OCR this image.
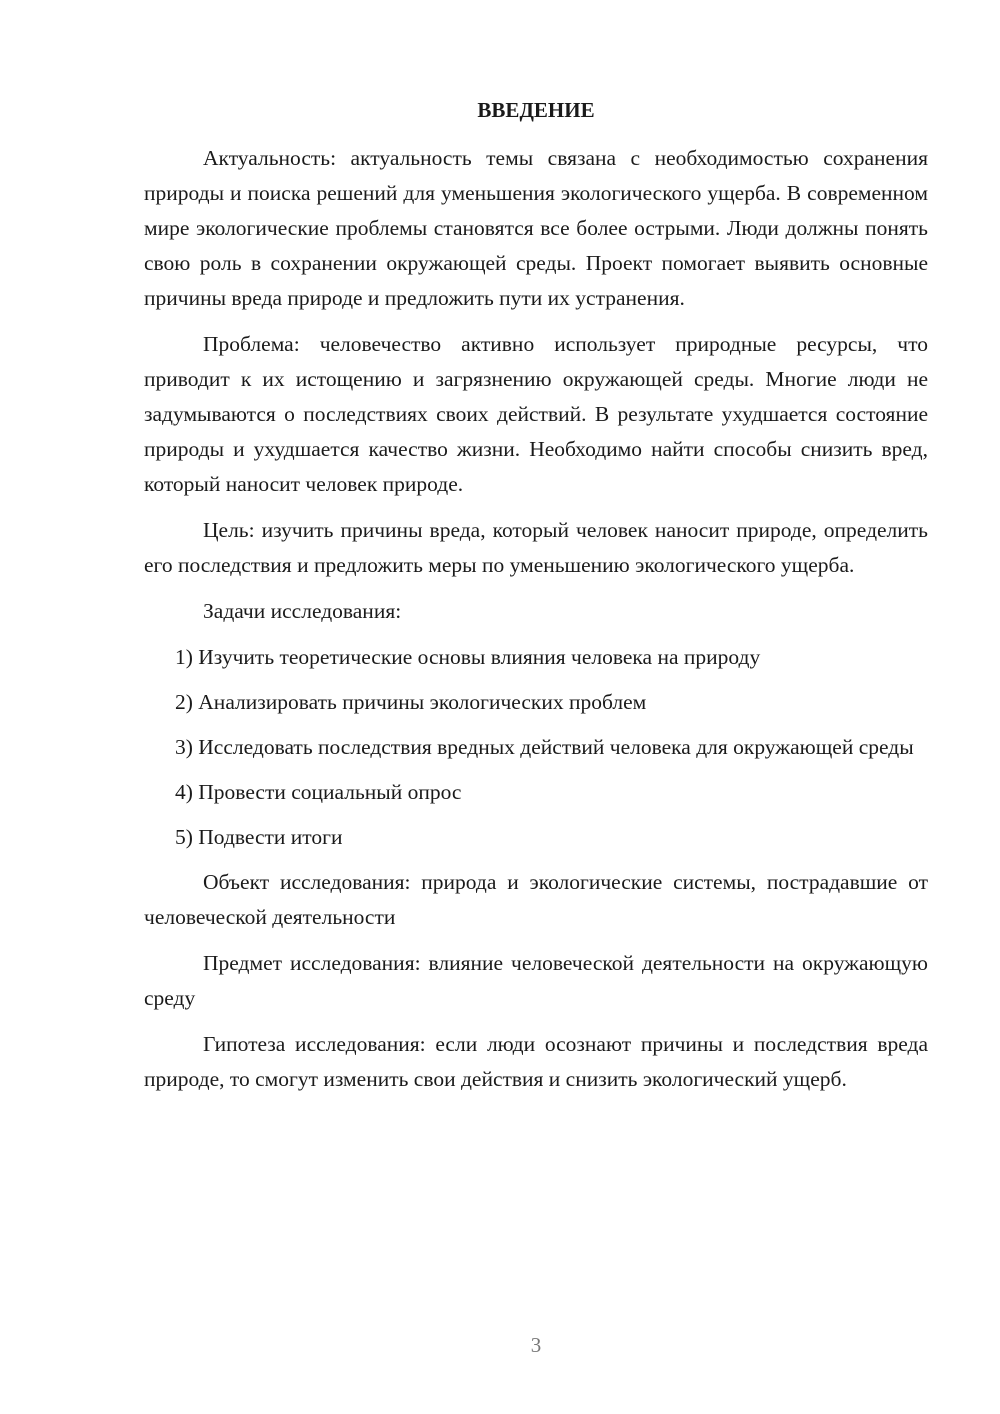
ВВЕДЕНИЕ

Актуальность: актуальность темы связана с необходимостью сохранения природы и поиска решений для уменьшения экологического ущерба. В современном мире экологические проблемы становятся все более острыми. Люди должны понять свою роль в сохранении окружающей среды. Проект помогает выявить основные причины вреда природе и предложить пути их устранения.

Проблема: человечество активно использует природные ресурсы, что приводит к их истощению и загрязнению окружающей среды. Многие люди не задумываются о последствиях своих действий. В результате ухудшается состояние природы и ухудшается качество жизни. Необходимо найти способы снизить вред, который наносит человек природе.

Цель: изучить причины вреда, который человек наносит природе, определить его последствия и предложить меры по уменьшению экологического ущерба.

Задачи исследования:

1) Изучить теоретические основы влияния человека на природу

2) Анализировать причины экологических проблем

3) Исследовать последствия вредных действий человека для окружающей среды

4) Провести социальный опрос

5) Подвести итоги

Объект исследования: природа и экологические системы, пострадавшие от человеческой деятельности

Предмет исследования: влияние человеческой деятельности на окружающую среду

Гипотеза исследования: если люди осознают причины и последствия вреда природе, то смогут изменить свои действия и снизить экологический ущерб.

3
